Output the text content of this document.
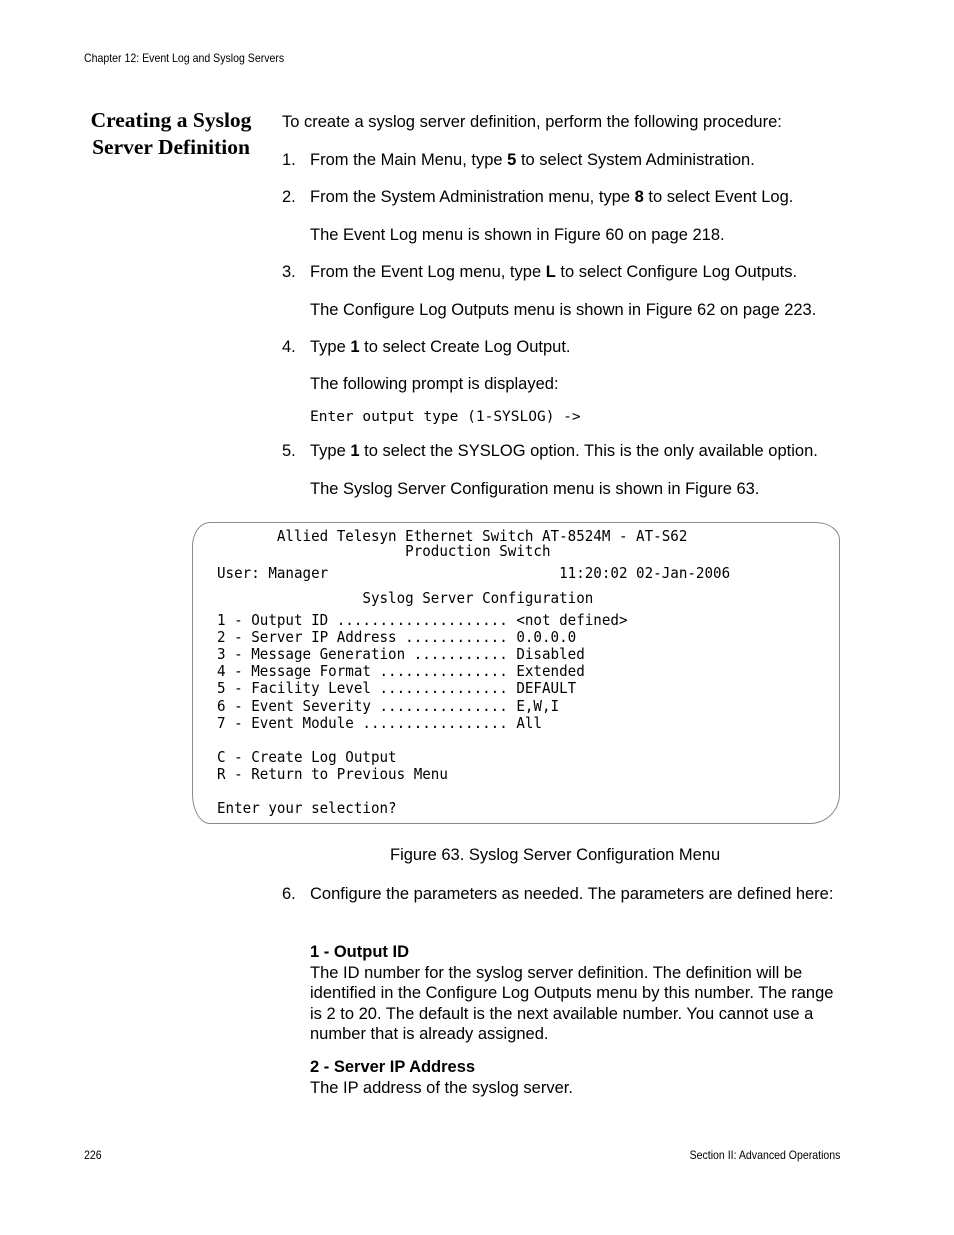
Chapter 12: Event Log and Syslog Servers
Creating a Syslog
Server Definition
To create a syslog server definition, perform the following procedure:
1. From the Main Menu, type 5 to select System Administration.
2. From the System Administration menu, type 8 to select Event Log.
The Event Log menu is shown in Figure 60 on page 218.
3. From the Event Log menu, type L to select Configure Log Outputs.
The Configure Log Outputs menu is shown in Figure 62 on page 223.
4. Type 1 to select Create Log Output.
The following prompt is displayed:
Enter output type (1-SYSLOG) ->
5. Type 1 to select the SYSLOG option. This is the only available option.
The Syslog Server Configuration menu is shown in Figure 63.
Allied Telesyn Ethernet Switch AT-8524M - AT-S62
Production Switch
User: Manager                           11:20:02 02-Jan-2006
Syslog Server Configuration
1 - Output ID .................... <not defined>
2 - Server IP Address ............ 0.0.0.0
3 - Message Generation ........... Disabled
4 - Message Format ............... Extended
5 - Facility Level ............... DEFAULT
6 - Event Severity ............... E,W,I
7 - Event Module ................. All
C - Create Log Output
R - Return to Previous Menu
Enter your selection?
Figure 63. Syslog Server Configuration Menu
6. Configure the parameters as needed. The parameters are defined here:
1 - Output ID
The ID number for the syslog server definition. The definition will be identified in the Configure Log Outputs menu by this number. The range is 2 to 20. The default is the next available number. You cannot use a number that is already assigned.
2 - Server IP Address
The IP address of the syslog server.
226	Section II: Advanced Operations
